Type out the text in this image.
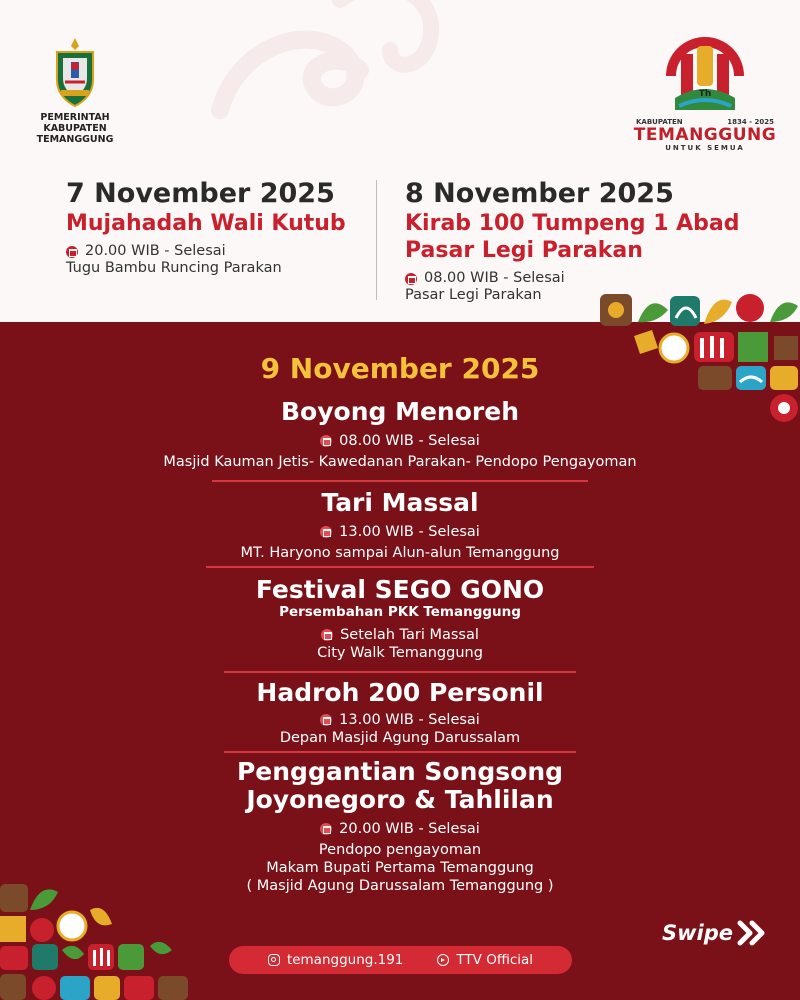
PEMERINTAH
KABUPATEN
TEMANGGUNG
Th
KABUPATEN	1834 - 2025
TEMANGGUNG
UNTUK SEMUA
7 November 2025
Mujahadah Wali Kutub
20.00 WIB - Selesai
Tugu Bambu Runcing Parakan
8 November 2025
Kirab 100 Tumpeng 1 Abad
Pasar Legi Parakan
08.00 WIB - Selesai
Pasar Legi Parakan
9 November 2025
Boyong Menoreh
08.00 WIB - Selesai
Masjid Kauman Jetis- Kawedanan Parakan- Pendopo Pengayoman
Tari Massal
13.00 WIB - Selesai
MT. Haryono sampai Alun-alun Temanggung
Festival SEGO GONO
Persembahan PKK Temanggung
Setelah Tari Massal
City Walk Temanggung
Hadroh 200 Personil
13.00 WIB - Selesai
Depan Masjid Agung Darussalam
Penggantian Songsong
Joyonegoro & Tahlilan
20.00 WIB - Selesai
Pendopo pengayoman
Makam Bupati Pertama Temanggung
( Masjid Agung Darussalam Temanggung )
Swipe
temanggung.191	TTV Official
